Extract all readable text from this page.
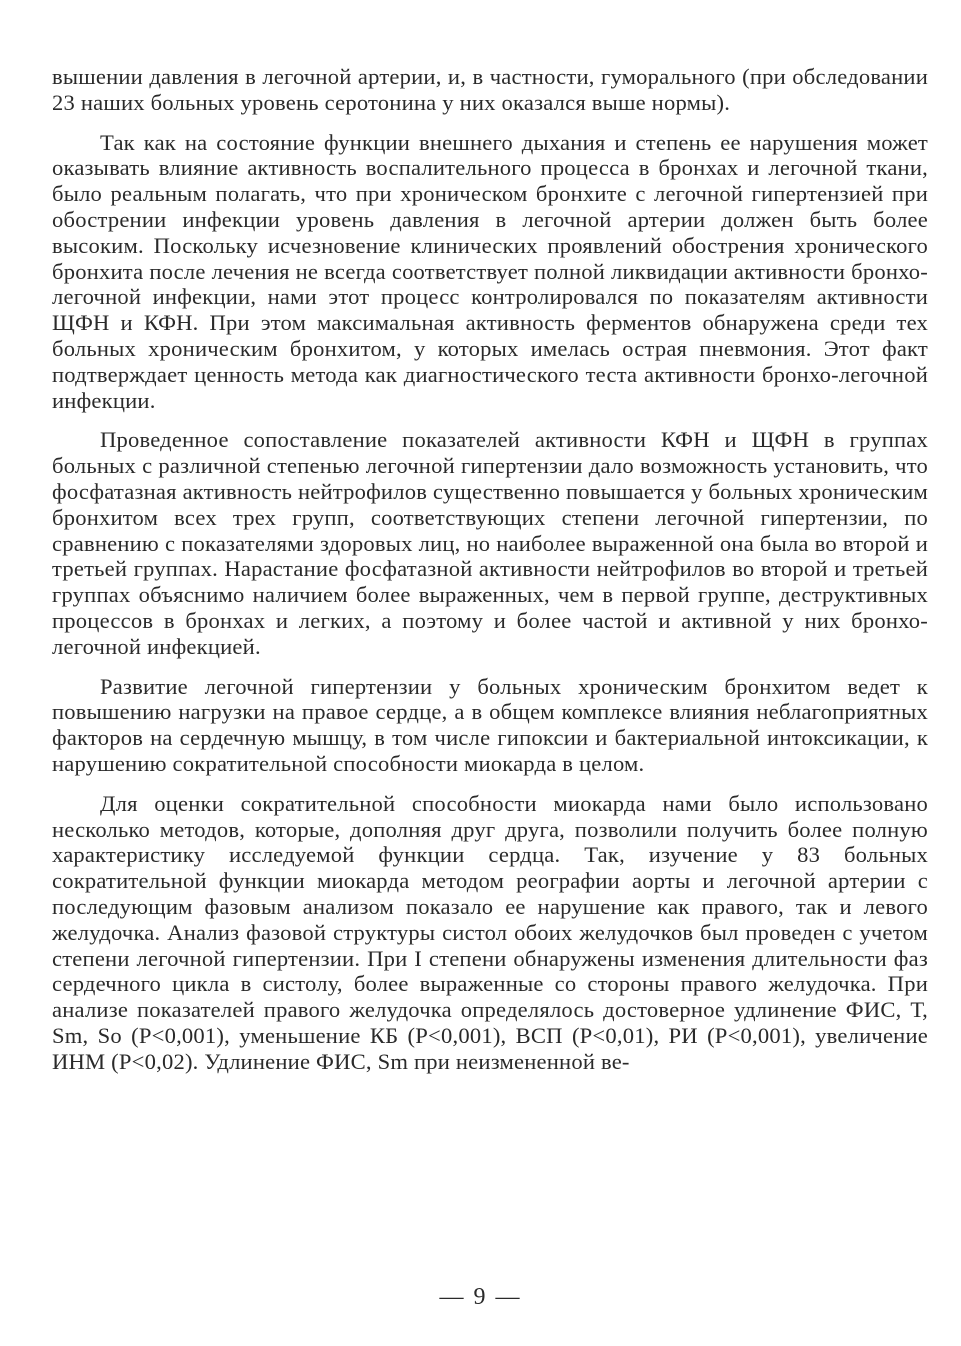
вышении давления в легочной артерии, и, в частности, гуморального (при обследовании 23 наших больных уровень серотонина у них оказался выше нормы).

Так как на состояние функции внешнего дыхания и степень ее нарушения может оказывать влияние активность воспалительного процесса в бронхах и легочной ткани, было реальным полагать, что при хроническом бронхите с легочной гипертензией при обострении инфекции уровень давления в легочной артерии должен быть более высоким. Поскольку исчезновение клинических проявлений обострения хронического бронхита после лечения не всегда соответствует полной ликвидации активности бронхо-легочной инфекции, нами этот процесс контролировался по показателям активности ЩФН и КФН. При этом максимальная активность ферментов обнаружена среди тех больных хроническим бронхитом, у которых имелась острая пневмония. Этот факт подтверждает ценность метода как диагностического теста активности бронхо-легочной инфекции.

Проведенное сопоставление показателей активности КФН и ЩФН в группах больных с различной степенью легочной гипертензии дало возможность установить, что фосфатазная активность нейтрофилов существенно повышается у больных хроническим бронхитом всех трех групп, соответствующих степени легочной гипертензии, по сравнению с показателями здоровых лиц, но наиболее выраженной она была во второй и третьей группах. Нарастание фосфатазной активности нейтрофилов во второй и третьей группах объяснимо наличием более выраженных, чем в первой группе, деструктивных процессов в бронхах и легких, а поэтому и более частой и активной у них бронхо-легочной инфекцией.

Развитие легочной гипертензии у больных хроническим бронхитом ведет к повышению нагрузки на правое сердце, а в общем комплексе влияния неблагоприятных факторов на сердечную мышцу, в том числе гипоксии и бактериальной интоксикации, к нарушению сократительной способности миокарда в целом.

Для оценки сократительной способности миокарда нами было использовано несколько методов, которые, дополняя друг друга, позволили получить более полную характеристику исследуемой функции сердца. Так, изучение у 83 больных сократительной функции миокарда методом реографии аорты и легочной артерии с последующим фазовым анализом показало ее нарушение как правого, так и левого желудочка. Анализ фазовой структуры систол обоих желудочков был проведен с учетом степени легочной гипертензии. При I степени обнаружены изменения длительности фаз сердечного цикла в систолу, более выраженные со стороны правого желудочка. При анализе показателей правого желудочка определялось достоверное удлинение ФИС, Т, Sm, So (P<0,001), уменьшение КБ (P<0,001), ВСП (P<0,01), РИ (P<0,001), увеличение ИНМ (P<0,02). Удлинение ФИС, Sm при неизмененной ве-

— 9 —
